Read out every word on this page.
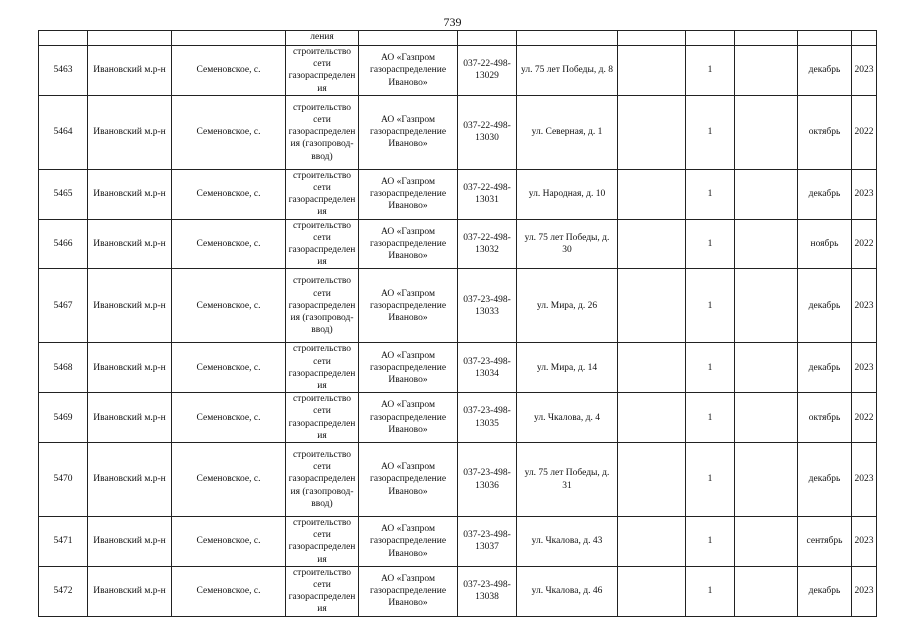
739

			ления								

5463	Ивановский м.р-н	Семеновское, с.	строительство сети газораспределения	АО «Газпром газораспределение Иваново»	037-22-498-13029	ул. 75 лет Победы, д. 8		1		декабрь	2023
5464	Ивановский м.р-н	Семеновское, с.	строительство сети газораспределения (газопровод-ввод)	АО «Газпром газораспределение Иваново»	037-22-498-13030	ул. Северная, д. 1		1		октябрь	2022
5465	Ивановский м.р-н	Семеновское, с.	строительство сети газораспределения	АО «Газпром газораспределение Иваново»	037-22-498-13031	ул. Народная, д. 10		1		декабрь	2023
5466	Ивановский м.р-н	Семеновское, с.	строительство сети газораспределения	АО «Газпром газораспределение Иваново»	037-22-498-13032	ул. 75 лет Победы, д. 30		1		ноябрь	2022
5467	Ивановский м.р-н	Семеновское, с.	строительство сети газораспределения (газопровод-ввод)	АО «Газпром газораспределение Иваново»	037-23-498-13033	ул. Мира, д. 26		1		декабрь	2023
5468	Ивановский м.р-н	Семеновское, с.	строительство сети газораспределения	АО «Газпром газораспределение Иваново»	037-23-498-13034	ул. Мира, д. 14		1		декабрь	2023
5469	Ивановский м.р-н	Семеновское, с.	строительство сети газораспределения	АО «Газпром газораспределение Иваново»	037-23-498-13035	ул. Чкалова, д. 4		1		октябрь	2022
5470	Ивановский м.р-н	Семеновское, с.	строительство сети газораспределения (газопровод-ввод)	АО «Газпром газораспределение Иваново»	037-23-498-13036	ул. 75 лет Победы, д. 31		1		декабрь	2023
5471	Ивановский м.р-н	Семеновское, с.	строительство сети газораспределения	АО «Газпром газораспределение Иваново»	037-23-498-13037	ул. Чкалова, д. 43		1		сентябрь	2023
5472	Ивановский м.р-н	Семеновское, с.	строительство сети газораспределения	АО «Газпром газораспределение Иваново»	037-23-498-13038	ул. Чкалова, д. 46		1		декабрь	2023
